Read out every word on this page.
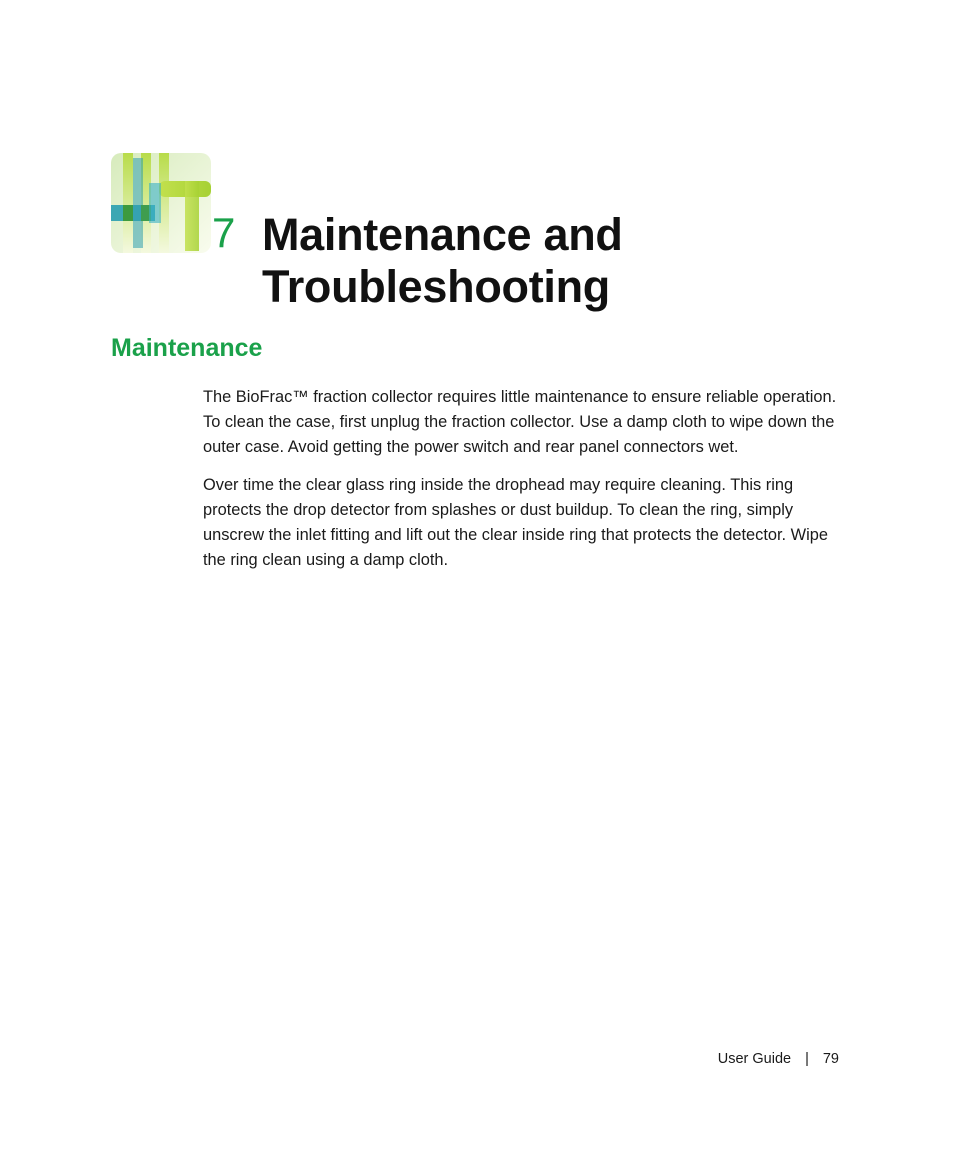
7 Maintenance and
Troubleshooting
Maintenance

The BioFrac™ fraction collector requires little maintenance to ensure reliable operation. To clean the case, first unplug the fraction collector. Use a damp cloth to wipe down the outer case. Avoid getting the power switch and rear panel connectors wet.

Over time the clear glass ring inside the drophead may require cleaning. This ring protects the drop detector from splashes or dust buildup. To clean the ring, simply unscrew the inlet fitting and lift out the clear inside ring that protects the detector. Wipe the ring clean using a damp cloth.

User Guide | 79
